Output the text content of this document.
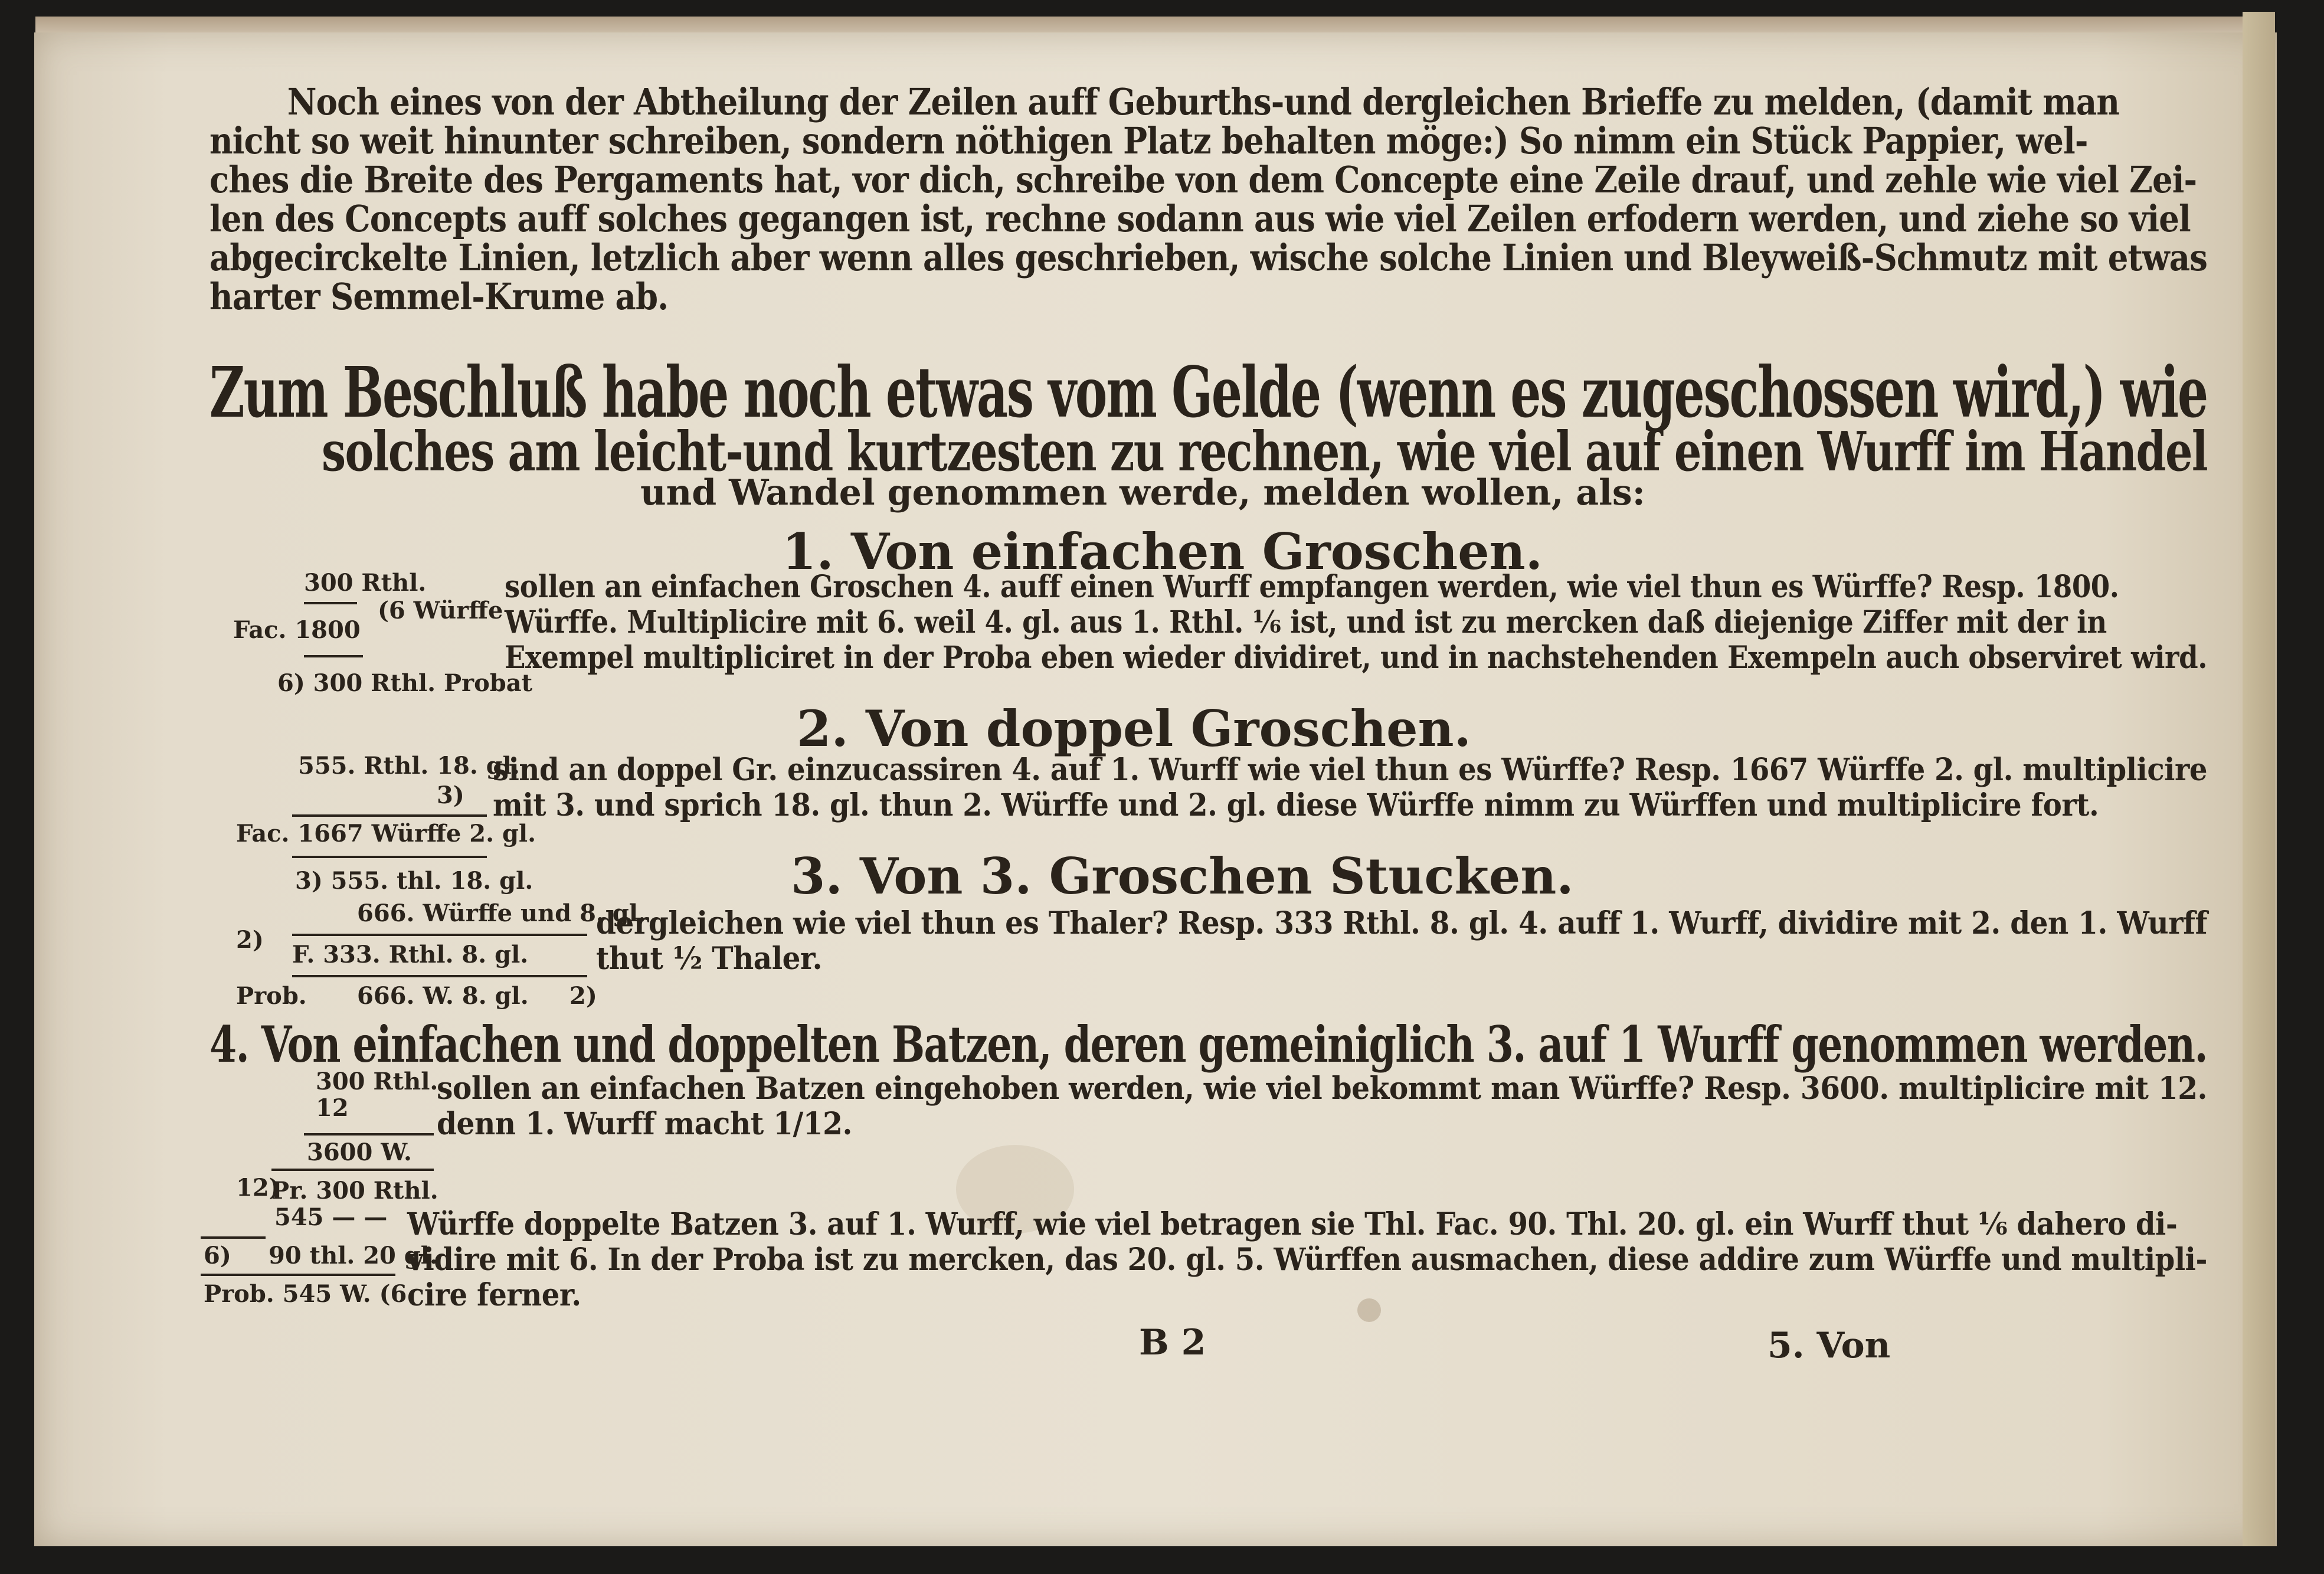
Noch eines von der Abtheilung der Zeilen auff Geburths-und dergleichen Brieffe zu melden, (damit man

nicht so weit hinunter schreiben, sondern nöthigen Platz behalten möge:) So nimm ein Stück Pappier, wel-

ches die Breite des Pergaments hat, vor dich, schreibe von dem Concepte eine Zeile drauf, und zehle wie viel Zei-

len des Concepts auff solches gegangen ist, rechne sodann aus wie viel Zeilen erfodern werden, und ziehe so viel

abgecirckelte Linien, letzlich aber wenn alles geschrieben, wische solche Linien und Bleyweiß-Schmutz mit etwas

harter Semmel-Krume ab.

Zum Beschluß habe noch etwas vom Gelde (wenn es zugeschossen wird,) wie
solches am leicht-und kurtzesten zu rechnen, wie viel auf einen Wurff im Handel
und Wandel genommen werde, melden wollen, als:
1. Von einfachen Groschen.
300 Rthl.
(6 Würffe
Fac. 1800
6) 300 Rthl. Probat

sollen an einfachen Groschen 4. auff einen Wurff empfangen werden, wie viel thun es Würffe? Resp. 1800.

Würffe. Multiplicire mit 6. weil 4. gl. aus 1. Rthl. ⅙ ist, und ist zu mercken daß diejenige Ziffer mit der in

Exempel multipliciret in der Proba eben wieder dividiret, und in nachstehenden Exempeln auch observiret wird.

2. Von doppel Groschen.
555. Rthl. 18. gl.
3)
Fac. 1667 Würffe 2. gl.
3) 555. thl. 18. gl.

sind an doppel Gr. einzucassiren 4. auf 1. Wurff wie viel thun es Würffe? Resp. 1667 Würffe 2. gl. multiplicire

mit 3. und sprich 18. gl. thun 2. Würffe und 2. gl. diese Würffe nimm zu Würffen und multiplicire fort.

3. Von 3. Groschen Stucken.
666. Würffe und 8. gl.
2)
F. 333. Rthl. 8. gl.
Prob. 666. W. 8. gl. 2)

dergleichen wie viel thun es Thaler? Resp. 333 Rthl. 8. gl. 4. auff 1. Wurff, dividire mit 2. den 1. Wurff

thut ½ Thaler.

4. Von einfachen und doppelten Batzen, deren gemeiniglich 3. auf 1 Wurff genommen werden.
300 Rthl.
12
3600 W.
12)
Pr. 300 Rthl.

sollen an einfachen Batzen eingehoben werden, wie viel bekommt man Würffe? Resp. 3600. multiplicire mit 12.

denn 1. Wurff macht 1/12.

545 — —
6) 90 thl. 20 gl.
Prob. 545 W. (6

Würffe doppelte Batzen 3. auf 1. Wurff, wie viel betragen sie Thl. Fac. 90. Thl. 20. gl. ein Wurff thut ⅙ dahero di-

vidire mit 6. In der Proba ist zu mercken, das 20. gl. 5. Würffen ausmachen, diese addire zum Würffe und multipli-

cire ferner.

B 2	5. Von
